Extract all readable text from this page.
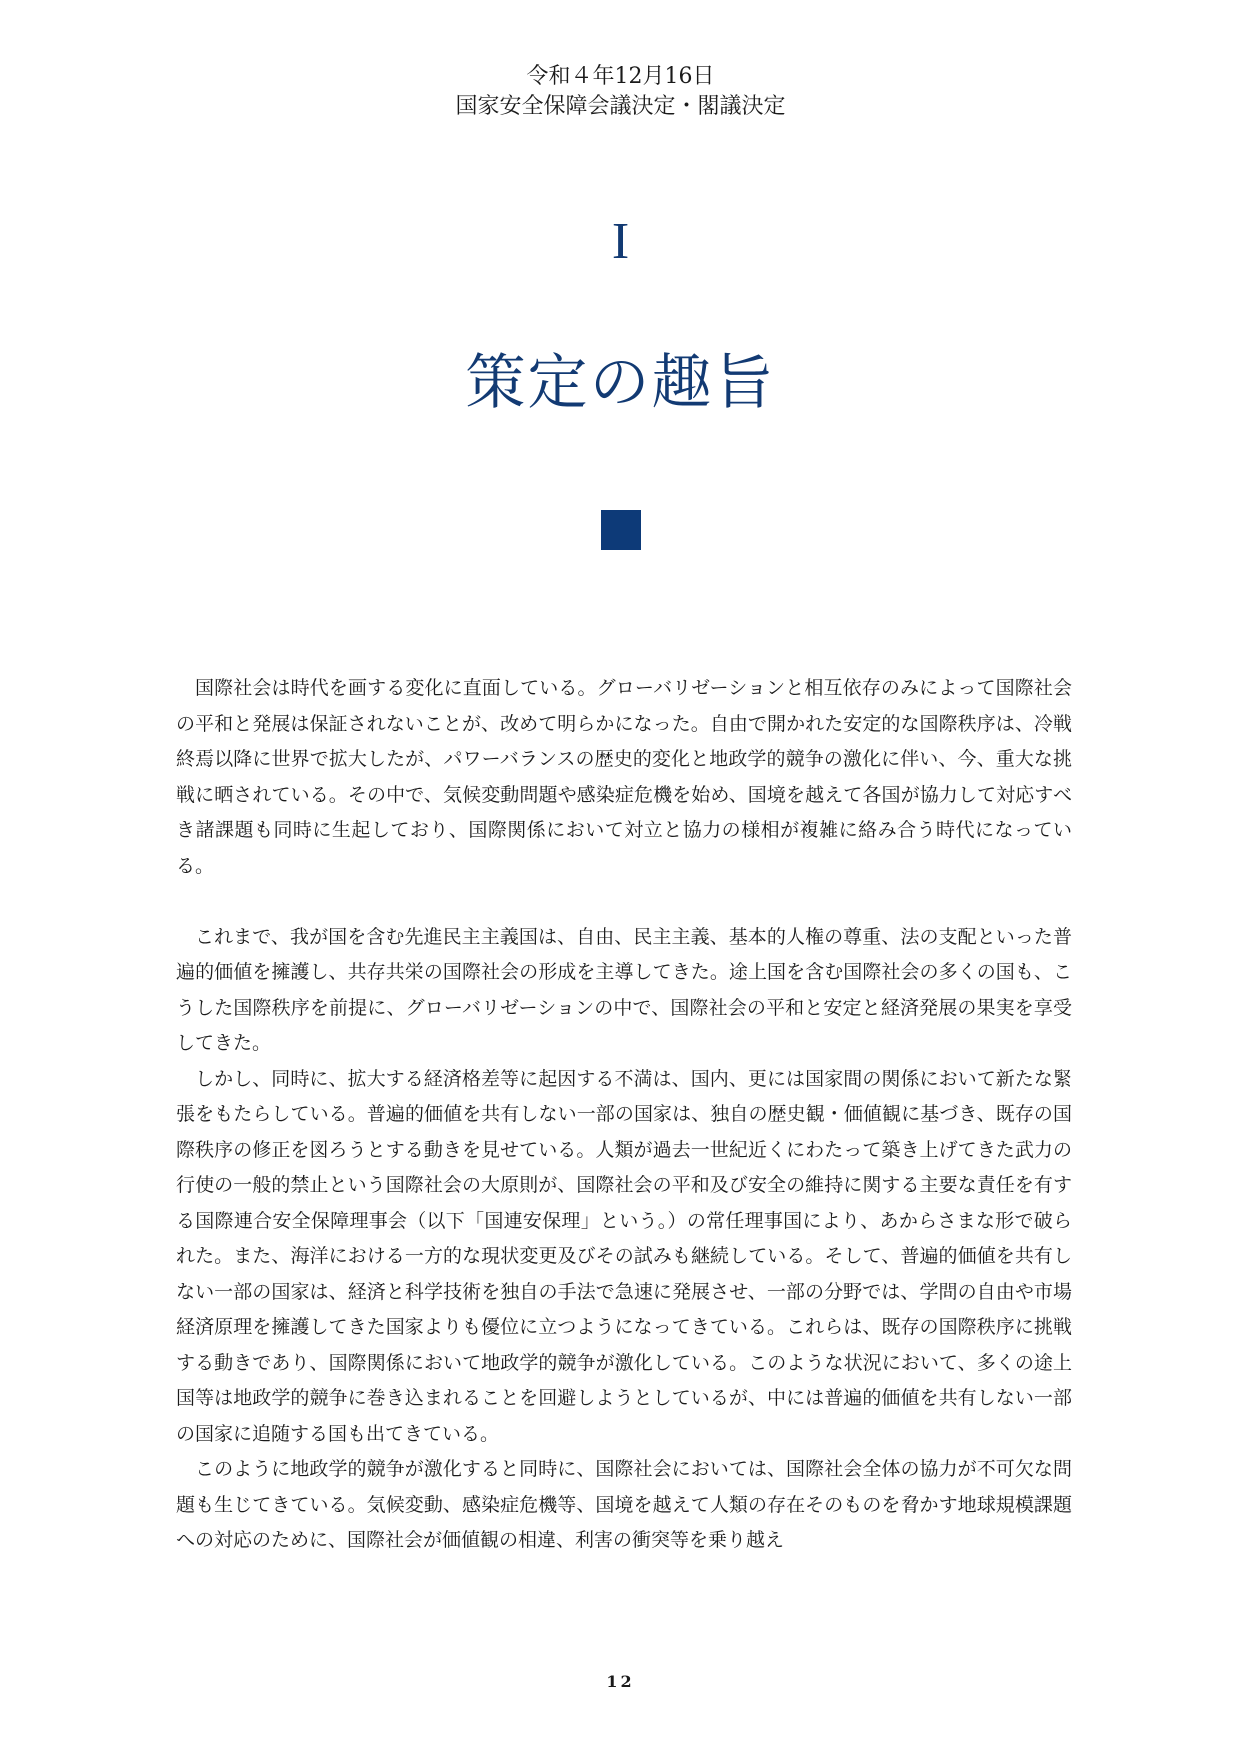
令和４年12月16日
国家安全保障会議決定・閣議決定
I
策定の趣旨

国際社会は時代を画する変化に直面している。グローバリゼーションと相互依存のみによって国際社会の平和と発展は保証されないことが、改めて明らかになった。自由で開かれた安定的な国際秩序は、冷戦終焉以降に世界で拡大したが、パワーバランスの歴史的変化と地政学的競争の激化に伴い、今、重大な挑戦に晒されている。その中で、気候変動問題や感染症危機を始め、国境を越えて各国が協力して対応すべき諸課題も同時に生起しており、国際関係において対立と協力の様相が複雑に絡み合う時代になっている。

これまで、我が国を含む先進民主主義国は、自由、民主主義、基本的人権の尊重、法の支配といった普遍的価値を擁護し、共存共栄の国際社会の形成を主導してきた。途上国を含む国際社会の多くの国も、こうした国際秩序を前提に、グローバリゼーションの中で、国際社会の平和と安定と経済発展の果実を享受してきた。

しかし、同時に、拡大する経済格差等に起因する不満は、国内、更には国家間の関係において新たな緊張をもたらしている。普遍的価値を共有しない一部の国家は、独自の歴史観・価値観に基づき、既存の国際秩序の修正を図ろうとする動きを見せている。人類が過去一世紀近くにわたって築き上げてきた武力の行使の一般的禁止という国際社会の大原則が、国際社会の平和及び安全の維持に関する主要な責任を有する国際連合安全保障理事会（以下「国連安保理」という。）の常任理事国により、あからさまな形で破られた。また、海洋における一方的な現状変更及びその試みも継続している。そして、普遍的価値を共有しない一部の国家は、経済と科学技術を独自の手法で急速に発展させ、一部の分野では、学問の自由や市場経済原理を擁護してきた国家よりも優位に立つようになってきている。これらは、既存の国際秩序に挑戦する動きであり、国際関係において地政学的競争が激化している。このような状況において、多くの途上国等は地政学的競争に巻き込まれることを回避しようとしているが、中には普遍的価値を共有しない一部の国家に追随する国も出てきている。

このように地政学的競争が激化すると同時に、国際社会においては、国際社会全体の協力が不可欠な問題も生じてきている。気候変動、感染症危機等、国境を越えて人類の存在そのものを脅かす地球規模課題への対応のために、国際社会が価値観の相違、利害の衝突等を乗り越え

12
